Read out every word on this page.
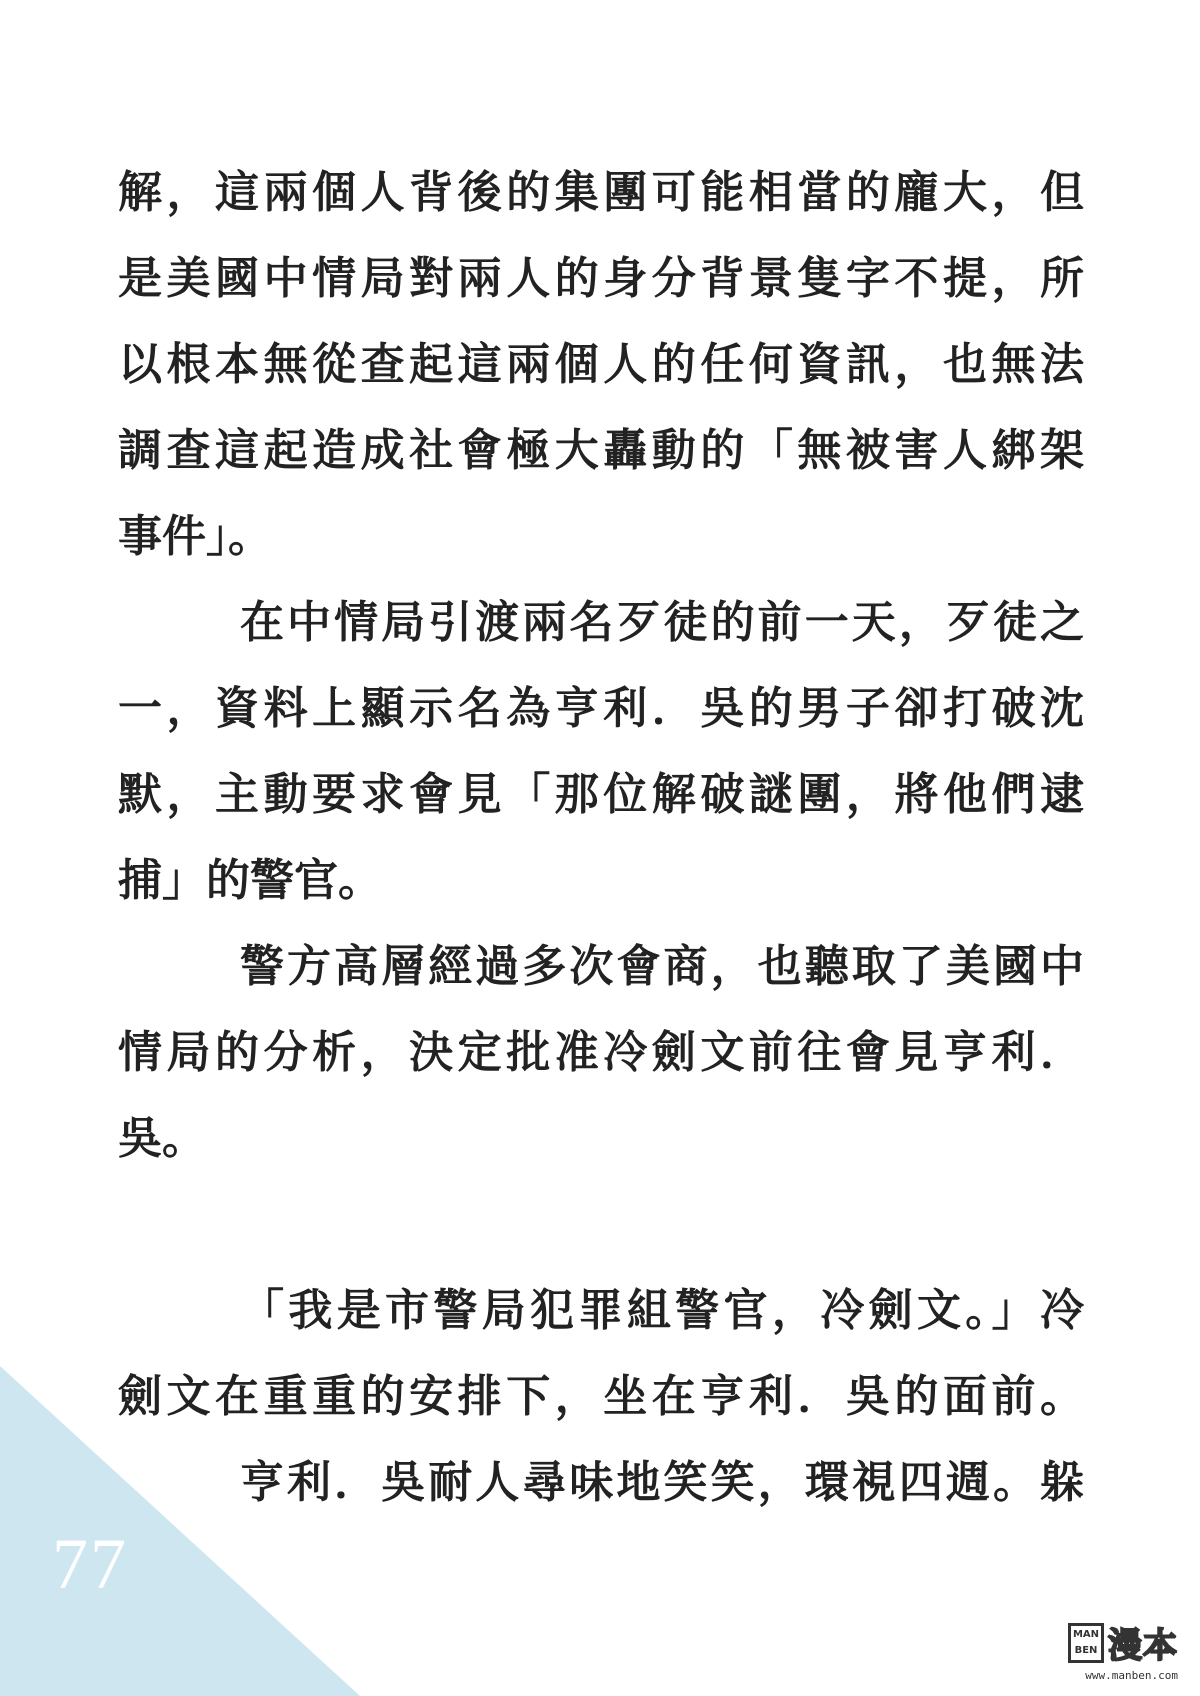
77
解，這兩個人背後的集團可能相當的龐大，但
是美國中情局對兩人的身分背景隻字不提，所
以根本無從查起這兩個人的任何資訊，也無法
調查這起造成社會極大轟動的「無被害人綁架
事件」。
在中情局引渡兩名歹徒的前一天，歹徒之
一，資料上顯示名為亨利．吳的男子卻打破沈
默，主動要求會見「那位解破謎團，將他們逮
捕」的警官。
警方高層經過多次會商，也聽取了美國中
情局的分析，決定批准冷劍文前往會見亨利．
吳。
「我是市警局犯罪組警官，冷劍文。」冷
劍文在重重的安排下，坐在亨利．吳的面前。
亨利．吳耐人尋味地笑笑，環視四週。躲
MAN
BEN 漫本
www.manben.com
